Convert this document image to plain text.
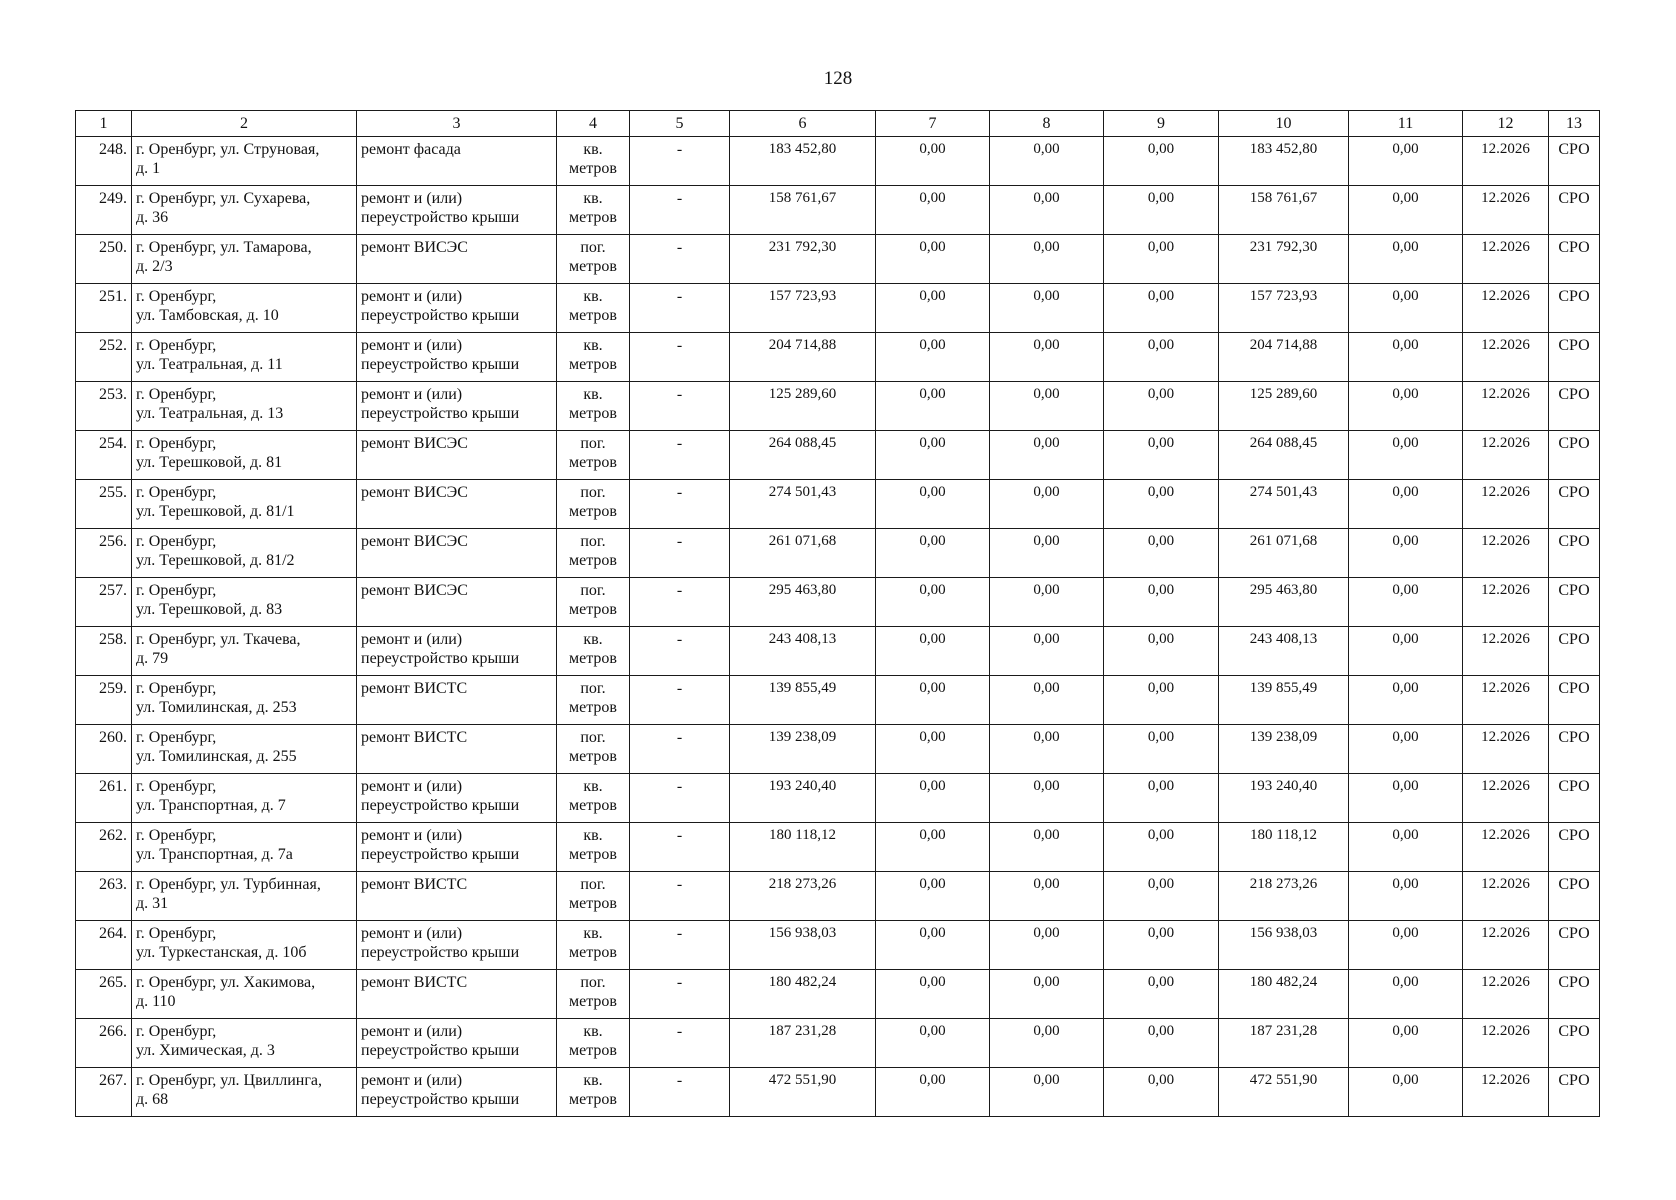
128
1	2	3	4	5	6	7	8	9	10	11	12	13

248.	г. Оренбург, ул. Струновая,
д. 1	ремонт фасада	кв.
метров	-	183 452,80	0,00	0,00	0,00	183 452,80	0,00	12.2026	СРО

249.	г. Оренбург, ул. Сухарева,
д. 36	ремонт и (или)
переустройство крыши	кв.
метров	-	158 761,67	0,00	0,00	0,00	158 761,67	0,00	12.2026	СРО

250.	г. Оренбург, ул. Тамарова,
д. 2/3	ремонт ВИСЭС	пог.
метров	-	231 792,30	0,00	0,00	0,00	231 792,30	0,00	12.2026	СРО

251.	г. Оренбург,
ул. Тамбовская, д. 10	ремонт и (или)
переустройство крыши	кв.
метров	-	157 723,93	0,00	0,00	0,00	157 723,93	0,00	12.2026	СРО

252.	г. Оренбург,
ул. Театральная, д. 11	ремонт и (или)
переустройство крыши	кв.
метров	-	204 714,88	0,00	0,00	0,00	204 714,88	0,00	12.2026	СРО

253.	г. Оренбург,
ул. Театральная, д. 13	ремонт и (или)
переустройство крыши	кв.
метров	-	125 289,60	0,00	0,00	0,00	125 289,60	0,00	12.2026	СРО

254.	г. Оренбург,
ул. Терешковой, д. 81	ремонт ВИСЭС	пог.
метров	-	264 088,45	0,00	0,00	0,00	264 088,45	0,00	12.2026	СРО

255.	г. Оренбург,
ул. Терешковой, д. 81/1	ремонт ВИСЭС	пог.
метров	-	274 501,43	0,00	0,00	0,00	274 501,43	0,00	12.2026	СРО

256.	г. Оренбург,
ул. Терешковой, д. 81/2	ремонт ВИСЭС	пог.
метров	-	261 071,68	0,00	0,00	0,00	261 071,68	0,00	12.2026	СРО

257.	г. Оренбург,
ул. Терешковой, д. 83	ремонт ВИСЭС	пог.
метров	-	295 463,80	0,00	0,00	0,00	295 463,80	0,00	12.2026	СРО

258.	г. Оренбург, ул. Ткачева,
д. 79	ремонт и (или)
переустройство крыши	кв.
метров	-	243 408,13	0,00	0,00	0,00	243 408,13	0,00	12.2026	СРО

259.	г. Оренбург,
ул. Томилинская, д. 253	ремонт ВИСТС	пог.
метров	-	139 855,49	0,00	0,00	0,00	139 855,49	0,00	12.2026	СРО

260.	г. Оренбург,
ул. Томилинская, д. 255	ремонт ВИСТС	пог.
метров	-	139 238,09	0,00	0,00	0,00	139 238,09	0,00	12.2026	СРО

261.	г. Оренбург,
ул. Транспортная, д. 7	ремонт и (или)
переустройство крыши	кв.
метров	-	193 240,40	0,00	0,00	0,00	193 240,40	0,00	12.2026	СРО

262.	г. Оренбург,
ул. Транспортная, д. 7а	ремонт и (или)
переустройство крыши	кв.
метров	-	180 118,12	0,00	0,00	0,00	180 118,12	0,00	12.2026	СРО

263.	г. Оренбург, ул. Турбинная,
д. 31	ремонт ВИСТС	пог.
метров	-	218 273,26	0,00	0,00	0,00	218 273,26	0,00	12.2026	СРО

264.	г. Оренбург,
ул. Туркестанская, д. 10б	ремонт и (или)
переустройство крыши	кв.
метров	-	156 938,03	0,00	0,00	0,00	156 938,03	0,00	12.2026	СРО

265.	г. Оренбург, ул. Хакимова,
д. 110	ремонт ВИСТС	пог.
метров	-	180 482,24	0,00	0,00	0,00	180 482,24	0,00	12.2026	СРО

266.	г. Оренбург,
ул. Химическая, д. 3	ремонт и (или)
переустройство крыши	кв.
метров	-	187 231,28	0,00	0,00	0,00	187 231,28	0,00	12.2026	СРО

267.	г. Оренбург, ул. Цвиллинга,
д. 68	ремонт и (или)
переустройство крыши	кв.
метров	-	472 551,90	0,00	0,00	0,00	472 551,90	0,00	12.2026	СРО
